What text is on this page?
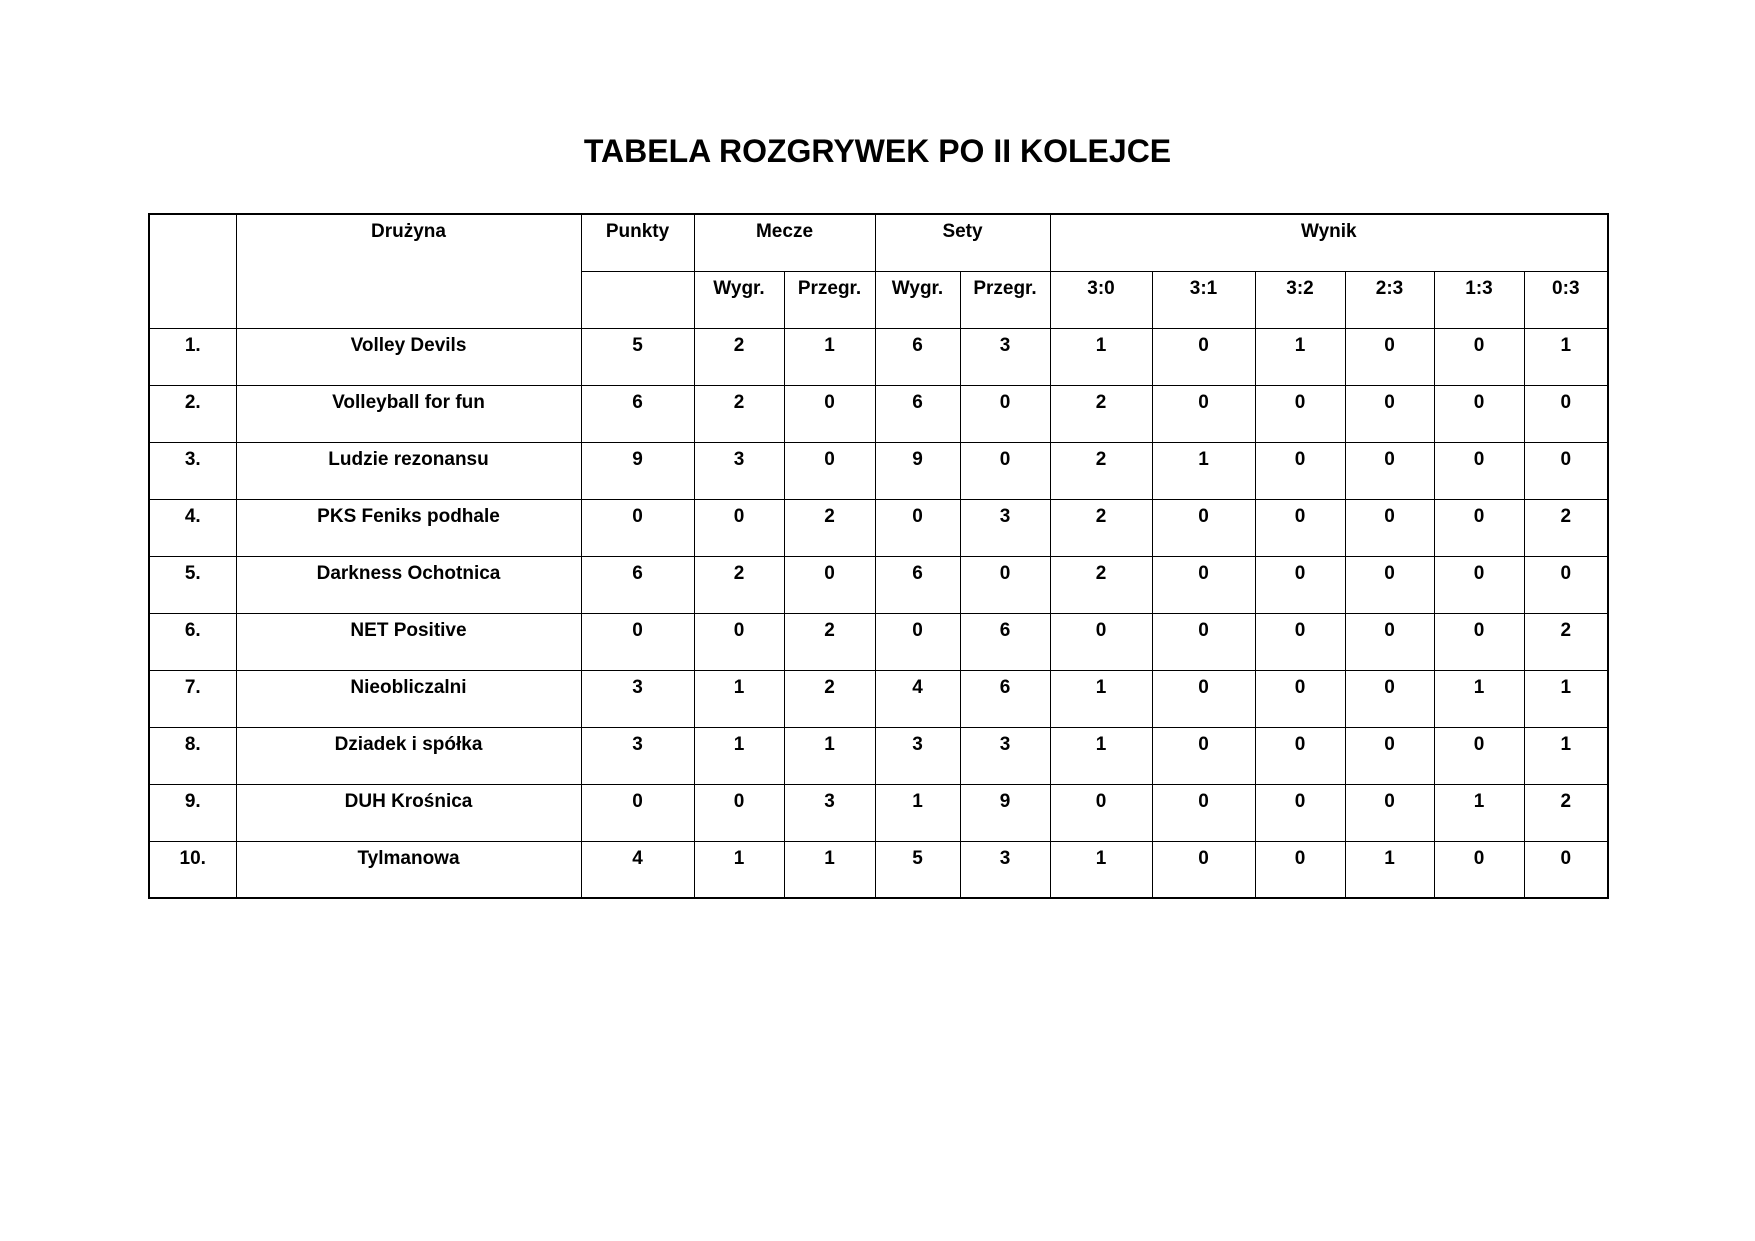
TABELA ROZGRYWEK PO II KOLEJCE
	Drużyna	Punkty	Mecze		Sety		Wynik					
			Wygr.	Przegr.	Wygr.	Przegr.	3:0	3:1	3:2	2:3	1:3	0:3
1.	Volley Devils	5	2	1	6	3	1	0	1	0	0	1
2.	Volleyball for fun	6	2	0	6	0	2	0	0	0	0	0
3.	Ludzie rezonansu	9	3	0	9	0	2	1	0	0	0	0
4.	PKS Feniks podhale	0	0	2	0	3	2	0	0	0	0	2
5.	Darkness Ochotnica	6	2	0	6	0	2	0	0	0	0	0
6.	NET Positive	0	0	2	0	6	0	0	0	0	0	2
7.	Nieobliczalni	3	1	2	4	6	1	0	0	0	1	1
8.	Dziadek i spółka	3	1	1	3	3	1	0	0	0	0	1
9.	DUH Krośnica	0	0	3	1	9	0	0	0	0	1	2
10.	Tylmanowa	4	1	1	5	3	1	0	0	1	0	0
